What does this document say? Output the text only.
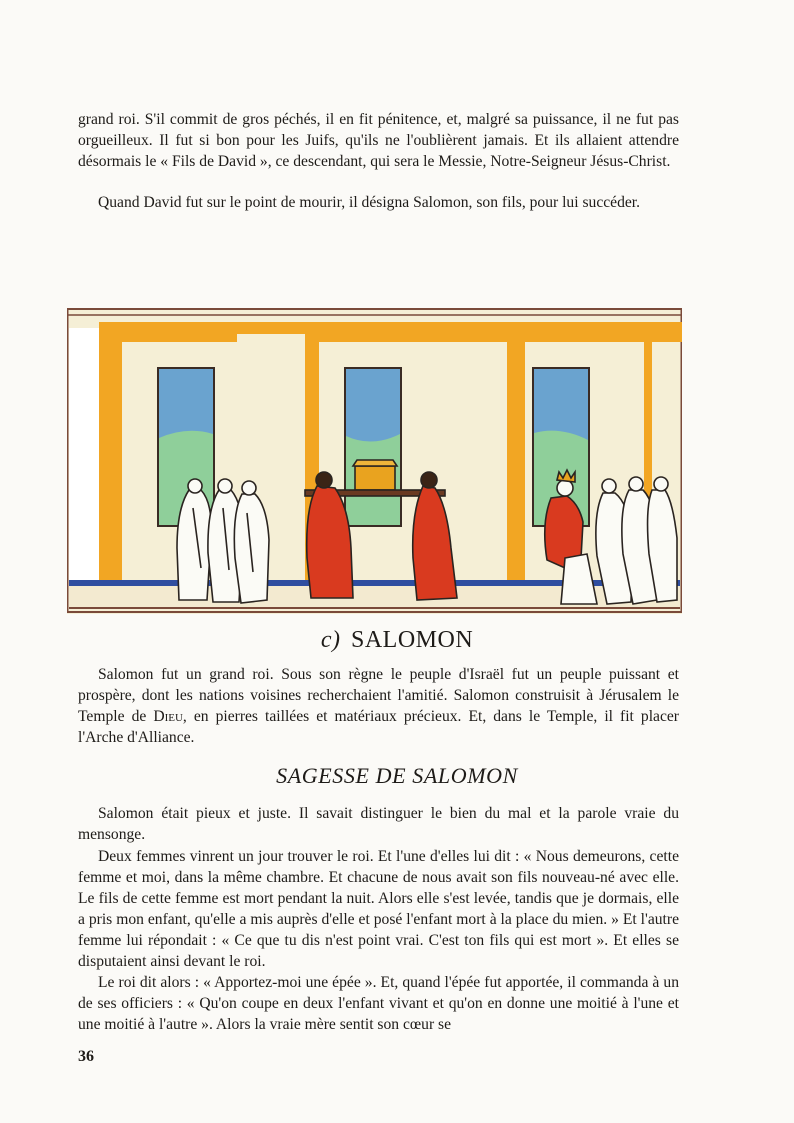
grand roi. S'il commit de gros péchés, il en fit pénitence, et, malgré sa puissance, il ne fut pas orgueilleux. Il fut si bon pour les Juifs, qu'ils ne l'oublièrent jamais. Et ils allaient attendre désormais le « Fils de David », ce descendant, qui sera le Messie, Notre-Seigneur Jésus-Christ.

Quand David fut sur le point de mourir, il désigna Salomon, son fils, pour lui succéder.

c) SALOMON

Salomon fut un grand roi. Sous son règne le peuple d'Israël fut un peuple puissant et prospère, dont les nations voisines recherchaient l'amitié. Salomon construisit à Jérusalem le Temple de Dieu, en pierres taillées et matériaux précieux. Et, dans le Temple, il fit placer l'Arche d'Alliance.

SAGESSE DE SALOMON

Salomon était pieux et juste. Il savait distinguer le bien du mal et la parole vraie du mensonge.

Deux femmes vinrent un jour trouver le roi. Et l'une d'elles lui dit : « Nous demeurons, cette femme et moi, dans la même chambre. Et chacune de nous avait son fils nouveau-né avec elle. Le fils de cette femme est mort pendant la nuit. Alors elle s'est levée, tandis que je dormais, elle a pris mon enfant, qu'elle a mis auprès d'elle et posé l'enfant mort à la place du mien. » Et l'autre femme lui répondait : « Ce que tu dis n'est point vrai. C'est ton fils qui est mort ». Et elles se disputaient ainsi devant le roi.

Le roi dit alors : « Apportez-moi une épée ». Et, quand l'épée fut apportée, il commanda à un de ses officiers : « Qu'on coupe en deux l'enfant vivant et qu'on en donne une moitié à l'une et une moitié à l'autre ». Alors la vraie mère sentit son cœur se

36
